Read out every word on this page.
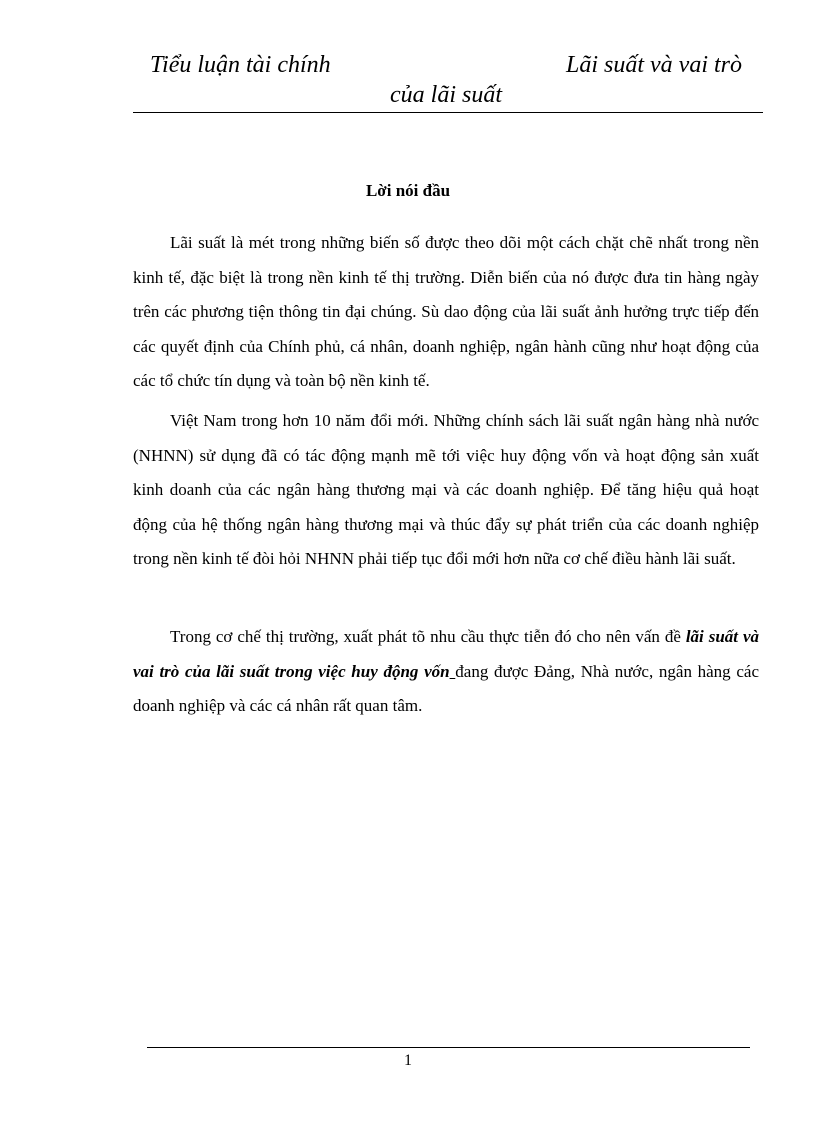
Tiểu luận tài chính	Lãi suất và vai trò
của lãi suất
Lời nói đầu

Lãi suất là mét trong những biến số được theo dõi một cách chặt chẽ nhất trong nền kinh tế, đặc biệt là trong nền kinh tế thị trường. Diễn biến của nó được đưa tin hàng ngày trên các phương tiện thông tin đại chúng. Sù dao động của lãi suất ảnh hưởng trực tiếp đến các quyết định của Chính phủ, cá nhân, doanh nghiệp, ngân hành cũng như hoạt động của các tổ chức tín dụng và toàn bộ nền kinh tế.

Việt Nam trong hơn 10 năm đổi mới. Những chính sách lãi suất ngân hàng nhà nước (NHNN) sử dụng đã có tác động mạnh mẽ tới việc huy động vốn và hoạt động sản xuất kinh doanh của các ngân hàng thương mại và các doanh nghiệp. Để tăng hiệu quả hoạt động của hệ thống ngân hàng thương mại và thúc đẩy sự phát triển của các doanh nghiệp trong nền kinh tế đòi hỏi NHNN phải tiếp tục đổi mới hơn nữa cơ chế điều hành lãi suất.

Trong cơ chế thị trường, xuất phát tõ nhu cầu thực tiễn đó cho nên vấn đề lãi suất và vai trò của lãi suất trong việc huy động vốn đang được Đảng, Nhà nước, ngân hàng các doanh nghiệp và các cá nhân rất quan tâm.

1
